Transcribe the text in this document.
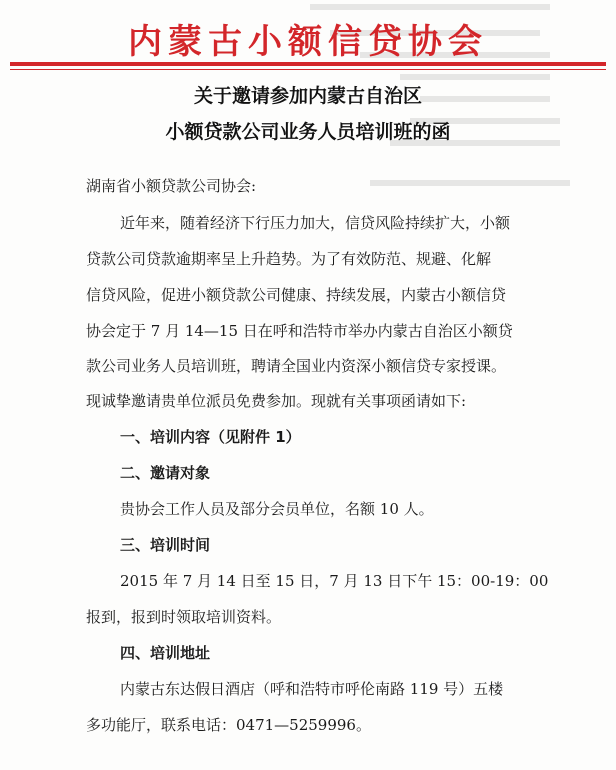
内蒙古小额信贷协会
关于邀请参加内蒙古自治区
小额贷款公司业务人员培训班的函
湖南省小额贷款公司协会:
近年来，随着经济下行压力加大，信贷风险持续扩大，小额
贷款公司贷款逾期率呈上升趋势。为了有效防范、规避、化解
信贷风险，促进小额贷款公司健康、持续发展，内蒙古小额信贷
协会定于 7 月 14—15 日在呼和浩特市举办内蒙古自治区小额贷
款公司业务人员培训班，聘请全国业内资深小额信贷专家授课。
现诚挚邀请贵单位派员免费参加。现就有关事项函请如下:
一、培训内容（见附件 1）
二、邀请对象
贵协会工作人员及部分会员单位，名额 10 人。
三、培训时间
2015 年 7 月 14 日至 15 日，7 月 13 日下午 15：00-19：00
报到，报到时领取培训资料。
四、培训地址
内蒙古东达假日酒店（呼和浩特市呼伦南路 119 号）五楼
多功能厅，联系电话：0471—5259996。
